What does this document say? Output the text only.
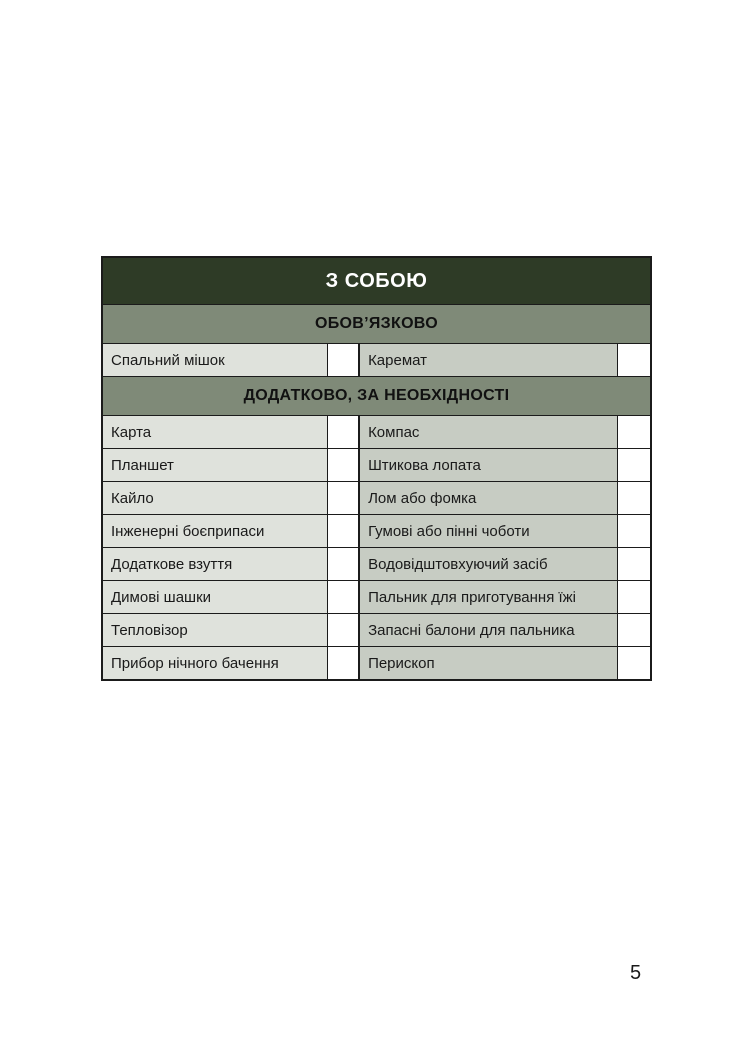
З СОБОЮ
ОБОВ’ЯЗКОВО
Спальний мішок	Каремат
ДОДАТКОВО, ЗА НЕОБХІДНОСТІ
Карта	Компас
Планшет	Штикова лопата
Кайло	Лом або фомка
Інженерні боєприпаси	Гумові або пінні чоботи
Додаткове взуття	Водовідштовхуючий засіб
Димові шашки	Пальник для приготування їжі
Тепловізор	Запасні балони для пальника
Прибор нічного бачення	Перископ
5
